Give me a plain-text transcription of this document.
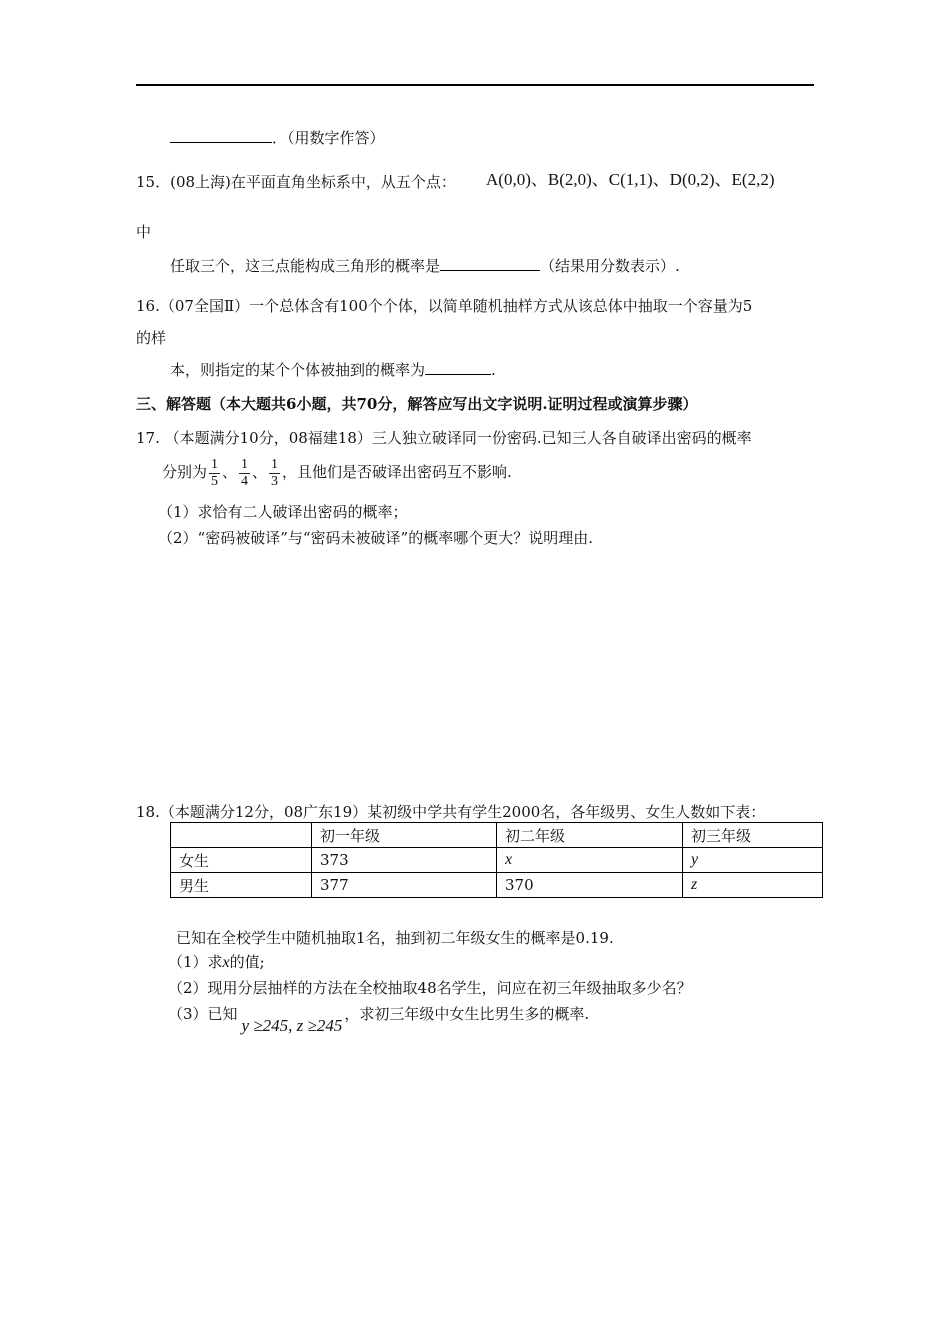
．（用数字作答）
15．(08上海)在平面直角坐标系中，从五个点： A(0,0)、B(2,0)、C(1,1)、D(0,2)、E(2,2)
中
任取三个，这三点能构成三角形的概率是	（结果用分数表示）.
16.（07全国Ⅱ）一个总体含有100个个体，以简单随机抽样方式从该总体中抽取一个容量为5
的样
本，则指定的某个个体被抽到的概率为	.
三、解答题（本大题共6小题，共70分，解答应写出文字说明.证明过程或演算步骤）
17. （本题满分10分，08福建18）三人独立破译同一份密码.已知三人各自破译出密码的概率
分别为 $\frac{1}{5}$ 、 $\frac{1}{4}$ 、 $\frac{1}{3}$ ，且他们是否破译出密码互不影响.
（1）求恰有二人破译出密码的概率；
（2）“密码被破译”与“密码未被破译”的概率哪个更大？说明理由.
18.（本题满分12分，08广东19）某初级中学共有学生2000名，各年级男、女生人数如下表：
	初一年级	初二年级	初三年级
女生	373	x	y
男生	377	370	z
已知在全校学生中随机抽取1名，抽到初二年级女生的概率是0.19.
（1）求x的值;
（2）现用分层抽样的方法在全校抽取48名学生，问应在初三年级抽取多少名？
（3）已知y ≥245, z ≥245，求初三年级中女生比男生多的概率.
